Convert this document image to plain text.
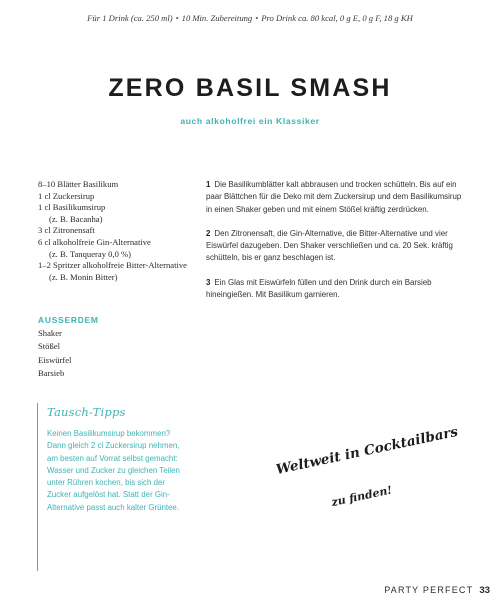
Für 1 Drink (ca. 250 ml) • 10 Min. Zubereitung • Pro Drink ca. 80 kcal, 0 g E, 0 g F, 18 g KH
ZERO BASIL SMASH
auch alkoholfrei ein Klassiker
8–10 Blätter Basilikum
1 cl Zuckersirup
1 cl Basilikumsirup
(z. B. Bacanha)
3 cl Zitronensaft
6 cl alkoholfreie Gin-Alternative
(z. B. Tanqueray 0,0 %)
1–2 Spritzer alkoholfreie Bitter-Alternative (z. B. Monin Bitter)
AUSSERDEM
Shaker
Stößel
Eiswürfel
Barsieb
1 Die Basilikumblätter kalt abbrausen und trocken schütteln. Bis auf ein paar Blättchen für die Deko mit dem Zuckersirup und dem Basilikumsirup in einen Shaker geben und mit einem Stößel kräftig zerdrücken.
2 Den Zitronensaft, die Gin-Alternative, die Bitter-Alternative und vier Eiswürfel dazugeben. Den Shaker verschließen und ca. 20 Sek. kräftig schütteln, bis er ganz beschlagen ist.
3 Ein Glas mit Eiswürfeln füllen und den Drink durch ein Barsieb hineingießen. Mit Basilikum garnieren.
Tausch-Tipps
Keinen Basilikumsirup bekommen? Dann gleich 2 cl Zuckersirup nehmen, am besten auf Vorrat selbst gemacht: Wasser und Zucker zu gleichen Teilen unter Rühren kochen, bis sich der Zucker aufgelöst hat. Statt der Gin-Alternative passt auch kalter Grüntee.
Weltweit in Cocktailbars
zu finden!
PARTY PERFECT 33
